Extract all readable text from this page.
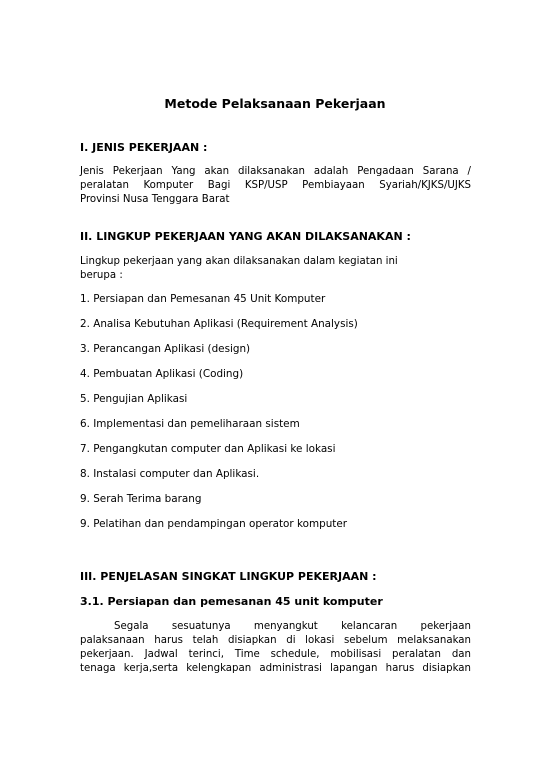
Metode Pelaksanaan Pekerjaan
I. JENIS PEKERJAAN :
Jenis Pekerjaan Yang akan dilaksanakan adalah Pengadaan Sarana /
peralatan Komputer Bagi KSP/USP Pembiayaan Syariah/KJKS/UJKS
Provinsi Nusa Tenggara Barat
II. LINGKUP PEKERJAAN YANG AKAN DILAKSANAKAN :
Lingkup pekerjaan yang akan dilaksanakan dalam kegiatan ini
berupa :
1. Persiapan dan Pemesanan 45 Unit Komputer
2. Analisa Kebutuhan Aplikasi (Requirement Analysis)
3. Perancangan Aplikasi (design)
4. Pembuatan Aplikasi (Coding)
5. Pengujian Aplikasi
6. Implementasi dan pemeliharaan sistem
7. Pengangkutan computer dan Aplikasi ke lokasi
8. Instalasi computer dan Aplikasi.
9. Serah Terima barang
9. Pelatihan dan pendampingan operator komputer
III. PENJELASAN SINGKAT LINGKUP PEKERJAAN :
3.1. Persiapan dan pemesanan 45 unit komputer
Segala sesuatunya menyangkut kelancaran pekerjaan
palaksanaan harus telah disiapkan di lokasi sebelum melaksanakan
pekerjaan. Jadwal terinci, Time schedule, mobilisasi peralatan dan
tenaga kerja,serta kelengkapan administrasi lapangan harus disiapkan
